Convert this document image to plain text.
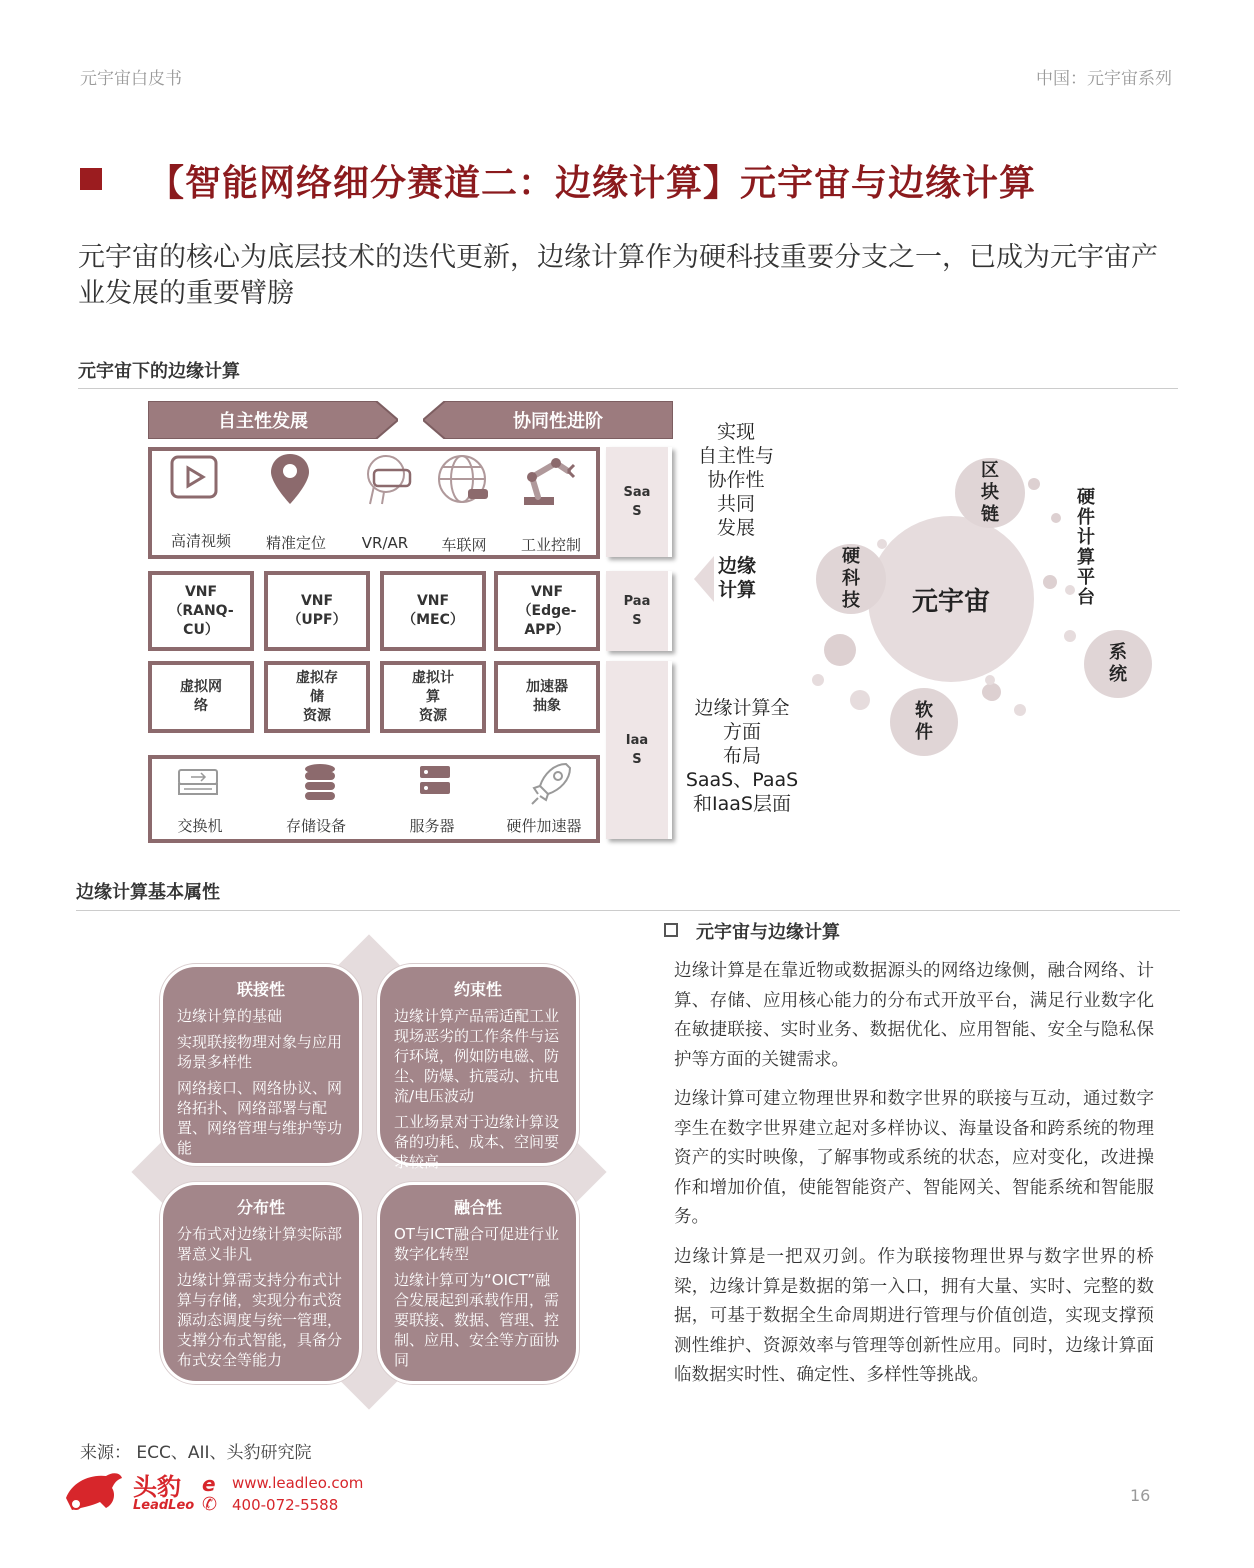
元宇宙白皮书	中国：元宇宙系列
【智能网络细分赛道二：边缘计算】元宇宙与边缘计算
元宇宙的核心为底层技术的迭代更新，边缘计算作为硬科技重要分支之一，已成为元宇宙产业发展的重要臂膀
元宇宙下的边缘计算
自主性发展	协同性进阶
高清视频	精准定位	VR/AR	车联网	工业控制
VNF
（RANQ-
CU）
VNF
（UPF）
VNF
（MEC）
VNF
（Edge-
APP）
虚拟网
络
虚拟存
储
资源
虚拟计
算
资源
加速器
抽象
交换机	存储设备	服务器	硬件加速器
Saa
S
Paa
S
Iaa
S
实现
自主性与
协作性
共同
发展
边缘
计算
边缘计算全
方面
布局
SaaS、PaaS
和IaaS层面
元宇宙
区
块
链
硬
件
计
算
平
台
硬
科
技
系
统
软
件
边缘计算基本属性
联接性

边缘计算的基础

实现联接物理对象与应用场景多样性

网络接口、网络协议、网络拓扑、网络部署与配置、网络管理与维护等功能

约束性

边缘计算产品需适配工业现场恶劣的工作条件与运行环境，例如防电磁、防尘、防爆、抗震动、抗电流/电压波动

工业场景对于边缘计算设备的功耗、成本、空间要求较高

分布性

分布式对边缘计算实际部署意义非凡

边缘计算需支持分布式计算与存储，实现分布式资源动态调度与统一管理，支撑分布式智能，具备分布式安全等能力

融合性

OT与ICT融合可促进行业数字化转型

边缘计算可为“OICT”融合发展起到承载作用，需要联接、数据、管理、控制、应用、安全等方面协同

元宇宙与边缘计算
边缘计算是在靠近物或数据源头的网络边缘侧，融合网络、计算、存储、应用核心能力的分布式开放平台，满足行业数字化在敏捷联接、实时业务、数据优化、应用智能、安全与隐私保护等方面的关键需求。
边缘计算可建立物理世界和数字世界的联接与互动，通过数字孪生在数字世界建立起对多样协议、海量设备和跨系统的物理资产的实时映像，了解事物或系统的状态，应对变化，改进操作和增加价值，使能智能资产、智能网关、智能系统和智能服务。
边缘计算是一把双刃剑。作为联接物理世界与数字世界的桥梁，边缘计算是数据的第一入口，拥有大量、实时、完整的数据，可基于数据全生命周期进行管理与价值创造，实现支撑预测性维护、资源效率与管理等创新性应用。同时，边缘计算面临数据实时性、确定性、多样性等挑战。
来源： ECC、AII、头豹研究院
头豹
LeadLeo
e
✆
www.leadleo.com
400-072-5588	16
